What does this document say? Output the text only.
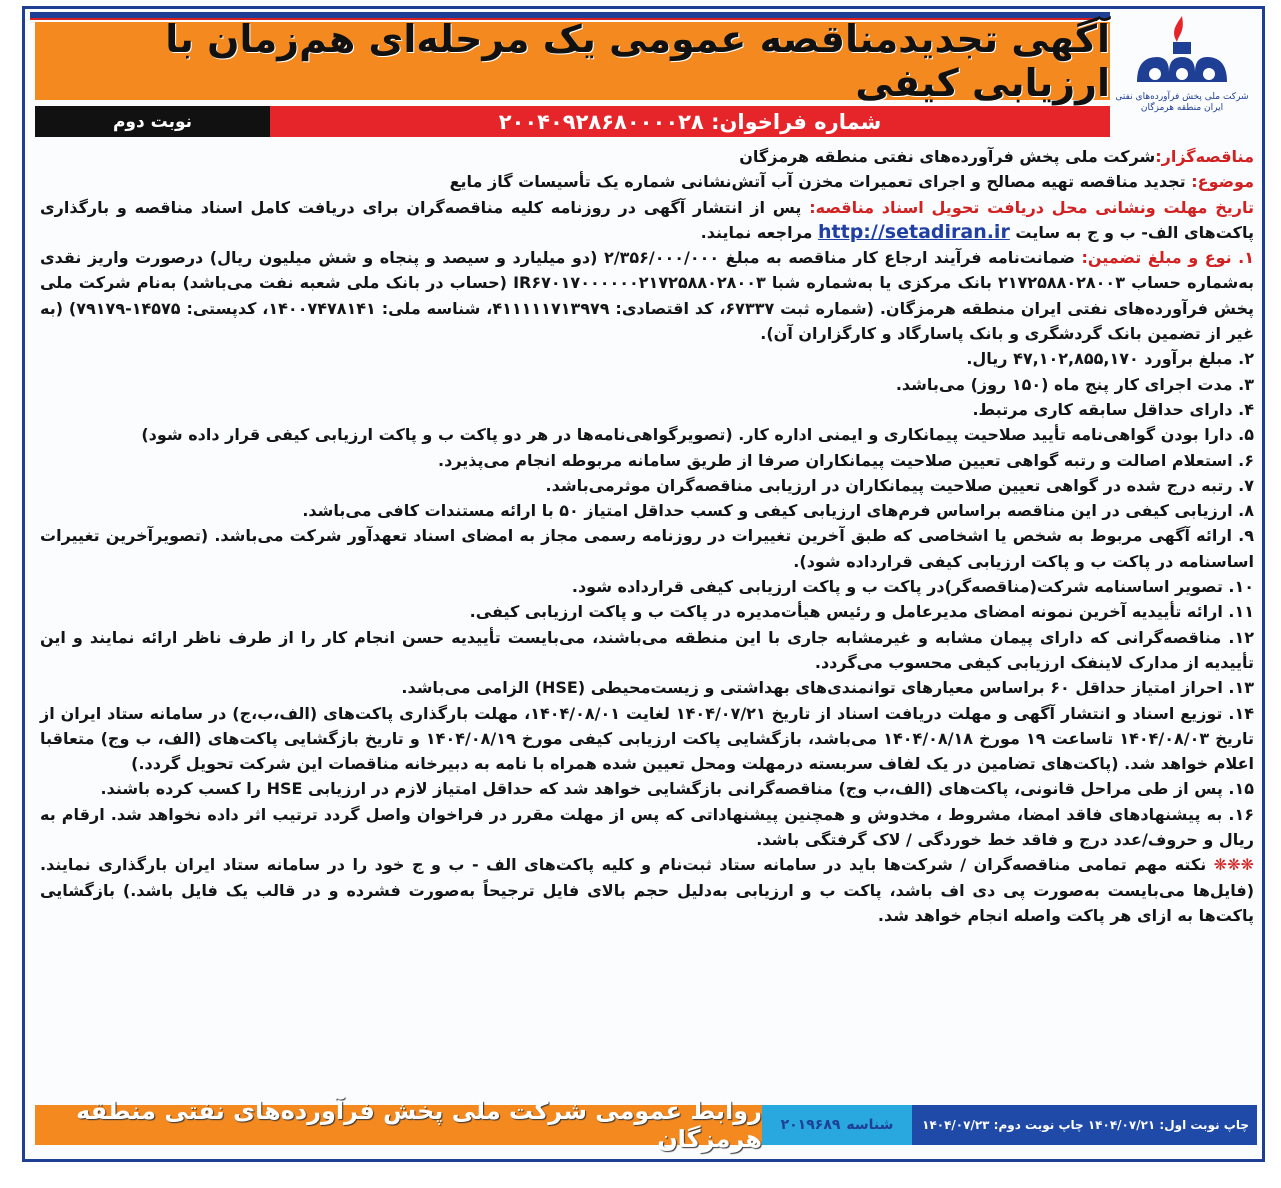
آگهی تجدیدمناقصه عمومی یک مرحله‌ای هم‌زمان با ارزیابی کیفی شرکت ملی پخش فرآورده‌های نفتی ایران منطقه هرمزگان
شماره فراخوان:

۲۰۰۴۰۹۲۸۶۸۰۰۰۰۲۸
نوبت دوم

مناقصه‌گزار:شرکت ملی پخش فرآورده‌های نفتی منطقه هرمزگان

موضوع: تجدید مناقصه تهیه مصالح و اجرای تعمیرات مخزن آب آتش‌نشانی شماره یک تأسیسات گاز مایع

تاریخ مهلت ونشانی محل دریافت تحویل اسناد مناقصه: پس از انتشار آگهی در روزنامه کلیه مناقصه‌گران برای دریافت کامل اسناد مناقصه و بارگذاری پاکت‌های الف- ب و ج به سایت http://setadiran.ir مراجعه نمایند.

۱. نوع و مبلغ تضمین: ضمانت‌نامه فرآیند ارجاع کار مناقصه به مبلغ ۲/۳۵۶/۰۰۰/۰۰۰ (دو میلیارد و سیصد و پنجاه و شش میلیون ریال) درصورت واریز نقدی به‌شماره حساب ۲۱۷۲۵۸۸۰۲۸۰۰۳ بانک مرکزی یا به‌شماره شبا IR۶۷۰۱۷۰۰۰۰۰۰۲۱۷۲۵۸۸۰۲۸۰۰۳ (حساب در بانک ملی شعبه نفت می‌باشد) به‌نام شرکت ملی پخش فرآورده‌های نفتی ایران منطقه هرمزگان. (شماره ثبت ۶۷۳۳۷، کد اقتصادی: ۴۱۱۱۱۱۷۱۳۹۷۹، شناسه ملی: ۱۴۰۰۷۴۷۸۱۴۱، کدپستی: ۱۴۵۷۵-۷۹۱۷۹) (به غیر از تضمین بانک گردشگری و بانک پاسارگاد و کارگزاران آن).

۲. مبلغ برآورد ۴۷,۱۰۲,۸۵۵,۱۷۰ ریال.

۳. مدت اجرای کار پنج ماه (۱۵۰ روز) می‌باشد.

۴. دارای حداقل سابقه کاری مرتبط.

۵. دارا بودن گواهی‌نامه تأیید صلاحیت پیمانکاری و ایمنی اداره کار. (تصویرگواهی‌نامه‌ها در هر دو پاکت ب و پاکت ارزیابی کیفی قرار داده شود)

۶. استعلام اصالت و رتبه گواهی تعیین صلاحیت پیمانکاران صرفا از طریق سامانه مربوطه انجام می‌پذیرد.

۷. رتبه درج شده در گواهی تعیین صلاحیت پیمانکاران در ارزیابی مناقصه‌گران موثرمی‌باشد.

۸. ارزیابی کیفی در این مناقصه براساس فرم‌های ارزیابی کیفی و کسب حداقل امتیاز ۵۰ با ارائه مستندات کافی می‌باشد.

۹. ارائه آگهی مربوط به شخص یا اشخاصی که طبق آخرین تغییرات در روزنامه رسمی مجاز به امضای اسناد تعهدآور شرکت می‌باشد. (تصویرآخرین تغییرات اساسنامه در پاکت ب و پاکت ارزیابی کیفی قرارداده شود).

۱۰. تصویر اساسنامه شرکت(مناقصه‌گر)در پاکت ب و پاکت ارزیابی کیفی قرارداده شود.

۱۱. ارائه تأییدیه آخرین نمونه امضای مدیرعامل و رئیس هیأت‌مدیره در پاکت ب و پاکت ارزیابی کیفی.

۱۲. مناقصه‌گرانی که دارای پیمان مشابه و غیرمشابه جاری با این منطقه می‌باشند، می‌بایست تأییدیه حسن انجام کار را از طرف ناظر ارائه نمایند و این تأییدیه از مدارک لاینفک ارزیابی کیفی محسوب می‌گردد.

۱۳. احراز امتیاز حداقل ۶۰ براساس معیارهای توانمندی‌های بهداشتی و زیست‌محیطی (HSE) الزامی می‌باشد.

۱۴. توزیع اسناد و انتشار آگهی و مهلت دریافت اسناد از تاریخ ۱۴۰۴/۰۷/۲۱ لغایت ۱۴۰۴/۰۸/۰۱، مهلت بارگذاری پاکت‌های (الف،ب،ج) در سامانه ستاد ایران از تاریخ ۱۴۰۴/۰۸/۰۳ تاساعت ۱۹ مورخ ۱۴۰۴/۰۸/۱۸ می‌باشد، بازگشایی پاکت ارزیابی کیفی مورخ ۱۴۰۴/۰۸/۱۹ و تاریخ بازگشایی پاکت‌های (الف، ب وج) متعاقبا اعلام خواهد شد. (پاکت‌های تضامین در یک لفاف سربسته درمهلت ومحل تعیین شده همراه با نامه به دبیرخانه مناقصات این شرکت تحویل گردد.)

۱۵. پس از طی مراحل قانونی، پاکت‌های (الف،ب وج) مناقصه‌گرانی بازگشایی خواهد شد که حداقل امتیاز لازم در ارزیابی HSE را کسب کرده باشند.

۱۶. به پیشنهادهای فاقد امضا، مشروط ، مخدوش و همچنین پیشنهاداتی که پس از مهلت مقرر در فراخوان واصل گردد ترتیب اثر داده نخواهد شد. ارقام به ریال و حروف/عدد درج و فاقد خط خوردگی / لاک گرفتگی باشد.

❋❋❋ نکته مهم تمامی مناقصه‌گران / شرکت‌ها باید در سامانه ستاد ثبت‌نام و کلیه پاکت‌های الف - ب و ج خود را در سامانه ستاد ایران بارگذاری نمایند. (فایل‌ها می‌بایست به‌صورت پی دی اف باشد، پاکت ب و ارزیابی به‌دلیل حجم بالای فایل ترجیحاً به‌صورت فشرده و در قالب یک فایل باشد.) بازگشایی پاکت‌ها به ازای هر پاکت واصله انجام خواهد شد.

چاپ نوبت اول: ۱۴۰۴/۰۷/۲۱ چاپ نوبت دوم: ۱۴۰۴/۰۷/۲۳
شناسه
۲۰۱۹۶۸۹
روابط عمومی شرکت ملی پخش فرآورده‌های نفتی منطقه هرمزگان
